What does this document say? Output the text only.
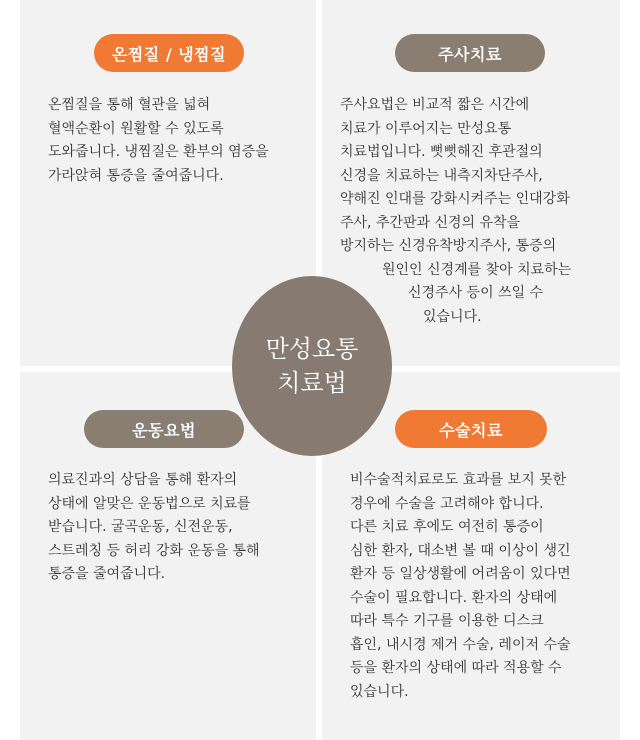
온찜질 / 냉찜질	주사치료
운동요법	수술치료
온찜질을 통해 혈관을 넓혀
혈액순환이 원활할 수 있도록
도와줍니다. 냉찜질은 환부의 염증을
가라앉혀 통증을 줄여줍니다.
주사요법은 비교적 짧은 시간에
치료가 이루어지는 만성요통
치료법입니다. 뻣뻣해진 후관절의
신경을 치료하는 내측지차단주사,
약해진 인대를 강화시켜주는 인대강화
주사, 추간판과 신경의 유착을
방지하는 신경유착방지주사, 통증의
원인인 신경계를 찾아 치료하는
신경주사 등이 쓰일 수
있습니다.
의료진과의 상담을 통해 환자의
상태에 알맞은 운동법으로 치료를
받습니다. 굴곡운동, 신전운동,
스트레칭 등 허리 강화 운동을 통해
통증을 줄여줍니다.
비수술적치료로도 효과를 보지 못한
경우에 수술을 고려해야 합니다.
다른 치료 후에도 여전히 통증이
심한 환자, 대소변 볼 때 이상이 생긴
환자 등 일상생활에 어려움이 있다면
수술이 필요합니다. 환자의 상태에
따라 특수 기구를 이용한 디스크
흡인, 내시경 제거 수술, 레이저 수술
등을 환자의 상태에 따라 적용할 수
있습니다.
만성요통
치료법
